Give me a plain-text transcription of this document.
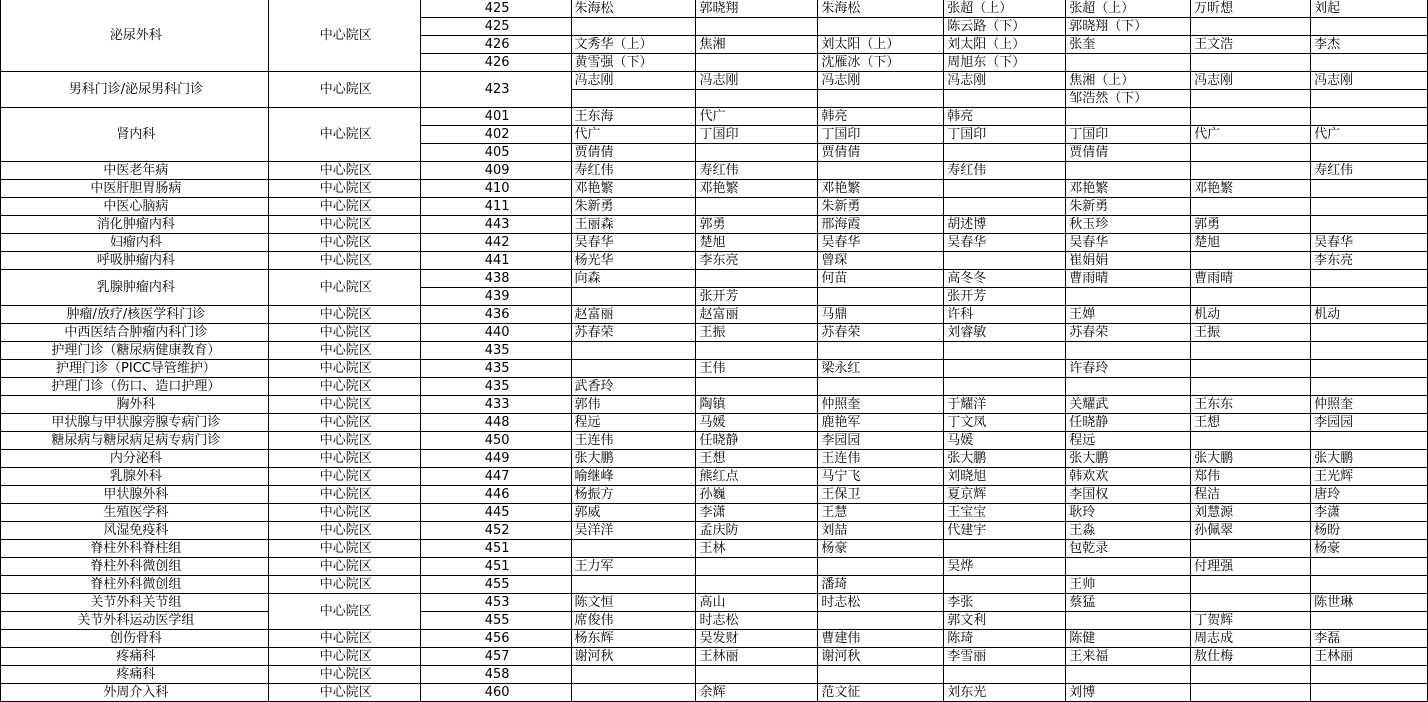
泌尿外科	中心院区	425	朱海松	郭晓翔	朱海松	张超（上）	张超（上）	万昕想	刘起
		425				陈云路（下）	郭晓翔（下）		
		426	文秀华（上）	焦湘	刘太阳（上）	刘太阳（上）	张奎	王文浩	李杰
		426	黄雪强（下）		沈雁冰（下）	周旭东（下）			
男科门诊/泌尿男科门诊	中心院区	423	冯志刚	冯志刚	冯志刚	冯志刚	焦湘（上）	冯志刚	冯志刚
							邹浩然（下）		
肾内科	中心院区	401	王东海	代广	韩亮	韩亮			
		402	代广	丁国印	丁国印	丁国印	丁国印	代广	代广
		405	贾倩倩		贾倩倩		贾倩倩		
中医老年病	中心院区	409	寿红伟	寿红伟		寿红伟			寿红伟
中医肝胆胃肠病	中心院区	410	邓艳繁	邓艳繁	邓艳繁		邓艳繁	邓艳繁	
中医心脑病	中心院区	411	朱新勇		朱新勇		朱新勇		
消化肿瘤内科	中心院区	443	王丽森	郭勇	邢海霞	胡述博	秋玉珍	郭勇	
妇瘤内科	中心院区	442	吴春华	楚旭	吴春华	吴春华	吴春华	楚旭	吴春华
呼吸肿瘤内科	中心院区	441	杨光华	李东亮	曾琛		崔娟娟		李东亮
乳腺肿瘤内科	中心院区	438	向森		何苗	高冬冬	曹雨晴	曹雨晴	
		439		张开芳		张开芳			
肿瘤/放疗/核医学科门诊	中心院区	436	赵富丽	赵富丽	马鼎	许科	王婵	机动	机动
中西医结合肿瘤内科门诊	中心院区	440	苏春荣	王振	苏春荣	刘睿敏	苏春荣	王振	
护理门诊（糖尿病健康教育）	中心院区	435							
护理门诊（PICC导管维护）	中心院区	435		王伟	梁永红		许春玲		
护理门诊（伤口、造口护理）	中心院区	435	武香玲						
胸外科	中心院区	433	郭伟	陶镇	仲照奎	于耀洋	关耀武	王东东	仲照奎
甲状腺与甲状腺旁腺专病门诊	中心院区	448	程远	马媛	鹿艳军	丁文凤	任晓静	王想	李园园
糖尿病与糖尿病足病专病门诊	中心院区	450	王连伟	任晓静	李园园	马媛	程远		
内分泌科	中心院区	449	张大鹏	王想	王连伟	张大鹏	张大鹏	张大鹏	张大鹏
乳腺外科	中心院区	447	喻继峰	熊红点	马宁飞	刘晓旭	韩欢欢	郑伟	王光辉
甲状腺外科	中心院区	446	杨振方	孙巍	王保卫	夏京辉	李国权	程洁	唐玲
生殖医学科	中心院区	445	郭威	李潇	王慧	王宝宝	耿玲	刘慧源	李潇
风湿免疫科	中心院区	452	吴洋洋	孟庆防	刘喆	代建宇	王淼	孙佩翠	杨盼
脊柱外科脊柱组	中心院区	451		王林	杨豪		包乾录		杨豪
脊柱外科微创组	中心院区	451	王力军			吴烨		付理强	
脊柱外科微创组	中心院区	455			潘琦		王帅		
关节外科关节组	中心院区	453	陈文恒	高山	时志松	李张	蔡猛		陈世琳
关节外科运动医学组		455	席俊伟	时志松		郭文利		丁贺辉	
创伤骨科	中心院区	456	杨东辉	吴发财	曹建伟	陈琦	陈健	周志成	李磊
疼痛科	中心院区	457	谢河秋	王林丽	谢河秋	李雪丽	王来福	敖仕梅	王林丽
疼痛科	中心院区	458							
外周介入科	中心院区	460		余辉	范文征	刘东光	刘博		
